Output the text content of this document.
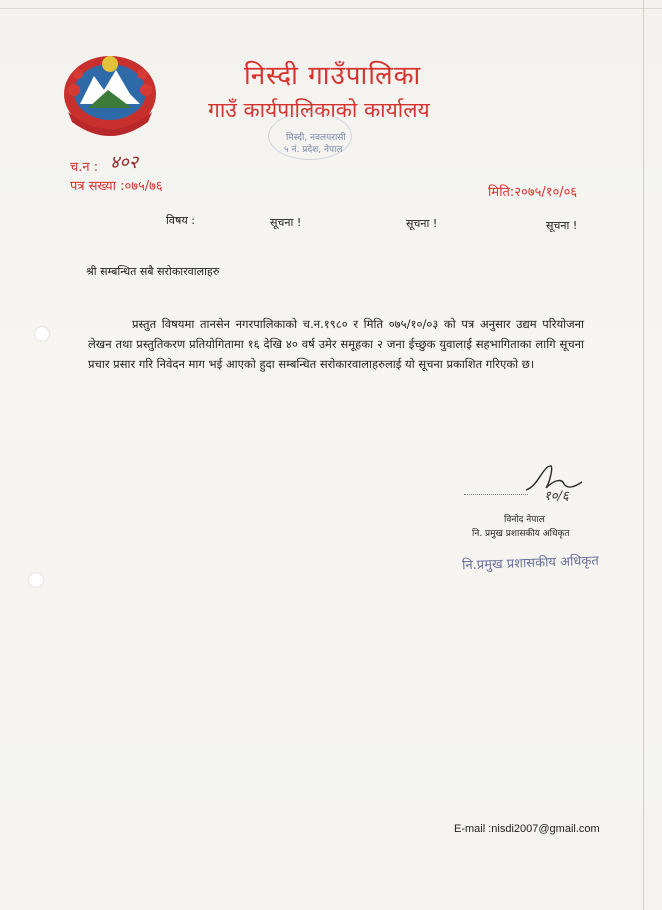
निस्दी गाउँपालिका
गाउँ कार्यपालिकाको कार्यालय
मिस्दी, नवलपरासी
५ नं. प्रदेश, नेपाल
च.न : ४०२
पत्र सख्या :०७५/७६	मिति:२०७५/१०/०६
विषय :	सूचना !	सूचना !	सूचना !
श्री सम्बन्धित सबै सरोकारवालाहरु

प्रस्तुत विषयमा तानसेन नगरपालिकाको च.न.१९८० र मिति ०७५/१०/०३ को पत्र अनुसार उद्यम परियोजना लेखन तथा प्रस्तुतिकरण प्रतियोगितामा १६ देखि ४० वर्ष उमेर समूहका २ जना ईच्छुक युवालाई सहभागिताका लागि सूचना प्रचार प्रसार गरि निवेदन माग भई आएको हुदा सम्बन्धित सरोकारवालाहरुलाई यो सूचना प्रकाशित गरिएको छ।

१०/६
विनोद नेपाल
नि. प्रमुख प्रशासकीय अधिकृत
नि.प्रमुख प्रशासकीय अधिकृत
E-mail :nisdi2007@gmail.com
